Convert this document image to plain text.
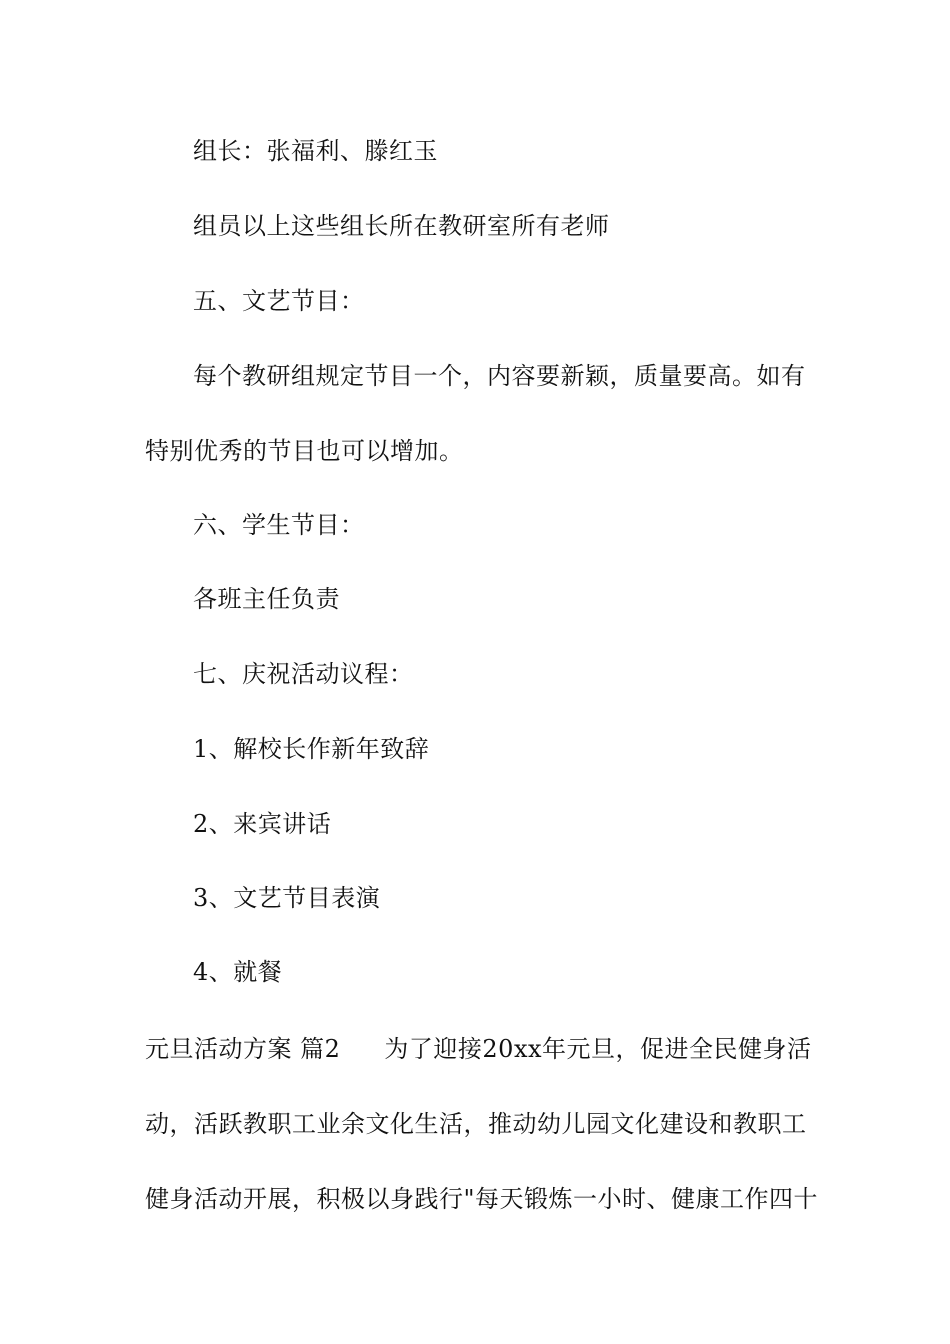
组长：张福利、滕红玉
组员以上这些组长所在教研室所有老师
五、文艺节目：
每个教研组规定节目一个，内容要新颖，质量要高。如有
特别优秀的节目也可以增加。
六、学生节目：
各班主任负责
七、庆祝活动议程：
1、解校长作新年致辞
2、来宾讲话
3、文艺节目表演
4、就餐
元旦活动方案 篇2 为了迎接20xx年元旦，促进全民健身活
动，活跃教职工业余文化生活，推动幼儿园文化建设和教职工
健身活动开展，积极以身践行"每天锻炼一小时、健康工作四十
